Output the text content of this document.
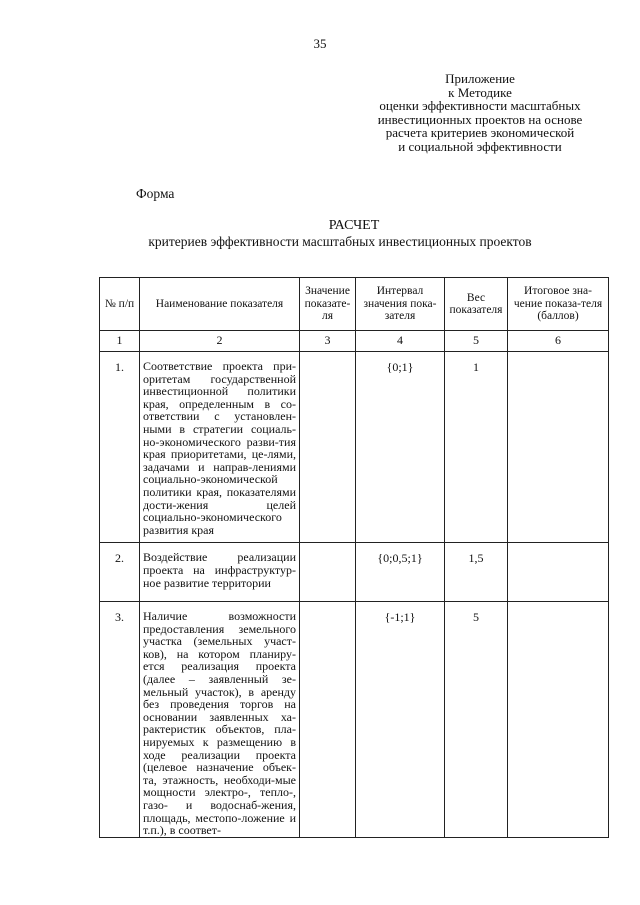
35
Приложение
к Методике
оценки эффективности масштабных
инвестиционных проектов на основе
расчета критериев экономической
и социальной эффективности
Форма
РАСЧЕТ
критериев эффективности масштабных инвестиционных проектов
№ п/п	Наименование показателя	Значение показате-ля	Интервал значения пока-зателя	Вес показателя	Итоговое зна-чение показа-теля (баллов)
1	2	3	4	5	6
1.	Соответствие проекта при-оритетам государственной инвестиционной политики края, определенным в со-ответствии с установлен-ными в стратегии социаль-но-экономического разви-тия края приоритетами, це-лями, задачами и направ-лениями социально-экономической политики края, показателями дости-жения целей социально-экономического развития края		{0;1}	1	
2.	Воздействие реализации проекта на инфраструктур-ное развитие территории		{0;0,5;1}	1,5	
3.	Наличие возможности предоставления земельного участка (земельных участ-ков), на котором планиру-ется реализация проекта (далее – заявленный зе-мельный участок), в аренду без проведения торгов на основании заявленных ха-рактеристик объектов, пла-нируемых к размещению в ходе реализации проекта (целевое назначение объек-та, этажность, необходи-мые мощности электро-, тепло-, газо- и водоснаб-жения, площадь, местопо-ложение и т.п.), в соответ-		{-1;1}	5	
